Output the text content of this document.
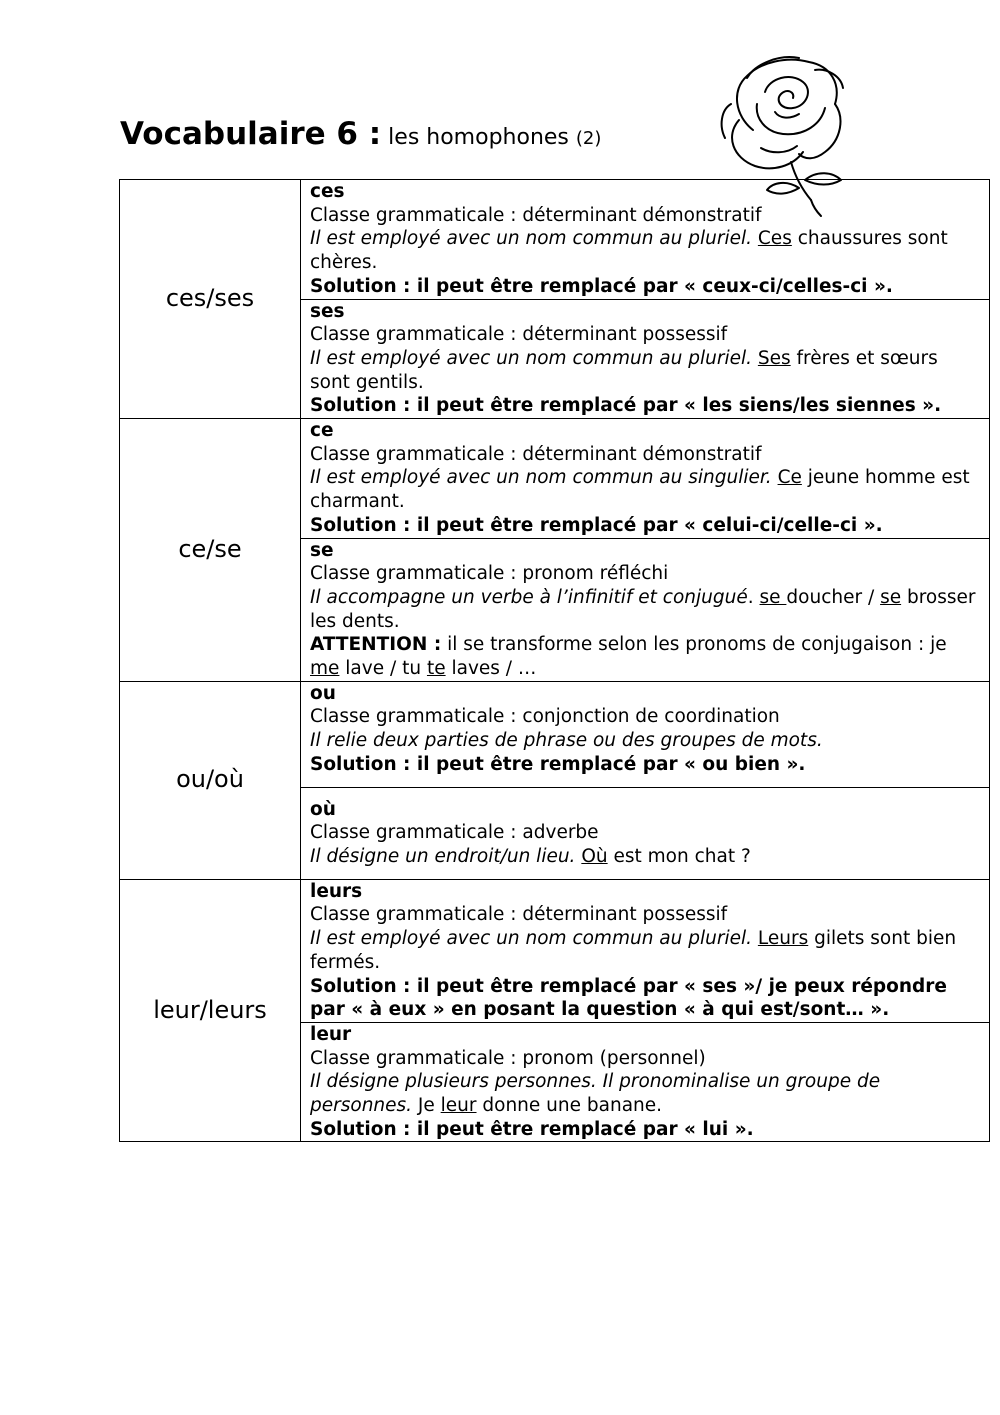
Vocabulaire 6 : les homophones (2)
ces/ses	ces
Classe grammaticale : déterminant démonstratif
Il est employé avec un nom commun au pluriel. Ces chaussures sont chères.
Solution : il peut être remplacé par « ceux-ci/celles-ci ».

	ses
Classe grammaticale : déterminant possessif
Il est employé avec un nom commun au pluriel. Ses frères et sœurs sont gentils.
Solution : il peut être remplacé par « les siens/les siennes ».

ce/se	ce
Classe grammaticale : déterminant démonstratif
Il est employé avec un nom commun au singulier. Ce jeune homme est charmant.
Solution : il peut être remplacé par « celui-ci/celle-ci ».

	se
Classe grammaticale : pronom réfléchi
Il accompagne un verbe à l’infinitif et conjugué. se doucher / se brosser les dents.
ATTENTION : il se transforme selon les pronoms de conjugaison : je me lave / tu te laves / …

ou/où	ou
Classe grammaticale : conjonction de coordination
Il relie deux parties de phrase ou des groupes de mots.
Solution : il peut être remplacé par « ou bien ».

	où
Classe grammaticale : adverbe
Il désigne un endroit/un lieu. Où est mon chat ?

leur/leurs	leurs
Classe grammaticale : déterminant possessif
Il est employé avec un nom commun au pluriel. Leurs gilets sont bien fermés.
Solution : il peut être remplacé par « ses »/ je peux répondre par « à eux » en posant la question « à qui est/sont… ».

	leur
Classe grammaticale : pronom (personnel)
Il désigne plusieurs personnes. Il pronominalise un groupe de personnes. Je leur donne une banane.
Solution : il peut être remplacé par « lui ».
